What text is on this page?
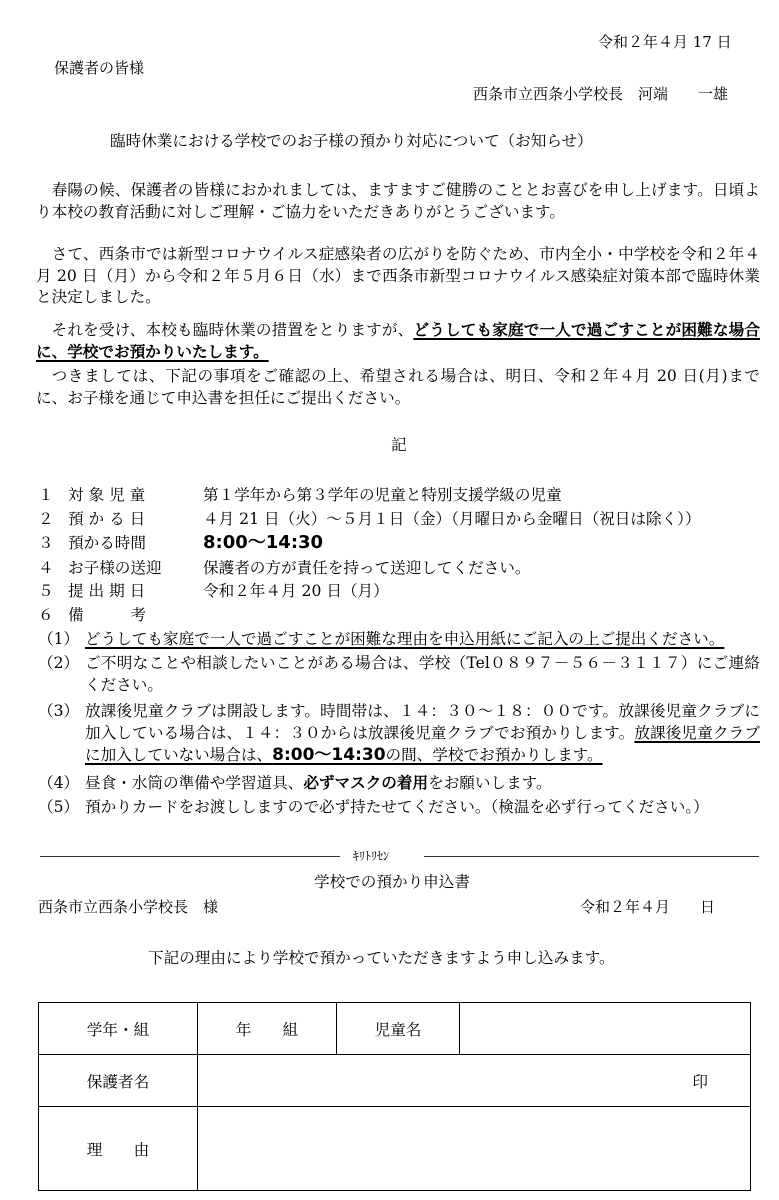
令和２年４月 17 日
保護者の皆様
西条市立西条小学校長　河端　　一雄
臨時休業における学校でのお子様の預かり対応について（お知らせ）

春陽の候、保護者の皆様におかれましては、ますますご健勝のこととお喜びを申し上げます。日頃より本校の教育活動に対しご理解・ご協力をいただきありがとうございます。

さて、西条市では新型コロナウイルス症感染者の広がりを防ぐため、市内全小・中学校を令和２年４月 20 日（月）から令和２年５月６日（水）まで西条市新型コロナウイルス感染症対策本部で臨時休業と決定しました。

それを受け、本校も臨時休業の措置をとりますが、どうしても家庭で一人で過ごすことが困難な場合に、学校でお預かりいたします。

つきましては、下記の事項をご確認の上、希望される場合は、明日、令和２年４月 20 日(月)までに、お子様を通じて申込書を担任にご提出ください。

記
１ 対 象 児 童	第１学年から第３学年の児童と特別支援学級の児童
２ 預 か る 日	４月 21 日（火）～５月１日（金）（月曜日から金曜日（祝日は除く））
３ 預かる時間	8:00～14:30
４ お子様の送迎	保護者の方が責任を持って送迎してください。
５ 提 出 期 日	令和２年４月 20 日（月）
６ 備　　　考
（1） どうしても家庭で一人で過ごすことが困難な理由を申込用紙にご記入の上ご提出ください。
（2） ご不明なことや相談したいことがある場合は、学校（Tel０８９７－５６－３１１７）にご連絡ください。
（3） 放課後児童クラブは開設します。時間帯は、１４：３０～１８：００です。放課後児童クラブに加入している場合は、１４：３０からは放課後児童クラブでお預かりします。放課後児童クラブに加入していない場合は、8:00～14:30の間、学校でお預かりします。
（4） 昼食・水筒の準備や学習道具、必ずマスクの着用をお願いします。
（5） 預かりカードをお渡ししますので必ず持たせてください。（検温を必ず行ってください。）
ｷﾘﾄﾘｾﾝ
学校での預かり申込書
西条市立西条小学校長　様	令和２年４月　　日
下記の理由により学校で預かっていただきますよう申し込みます。
学年・組	年　　組	児童名	
保護者名	印		
理　　由			
